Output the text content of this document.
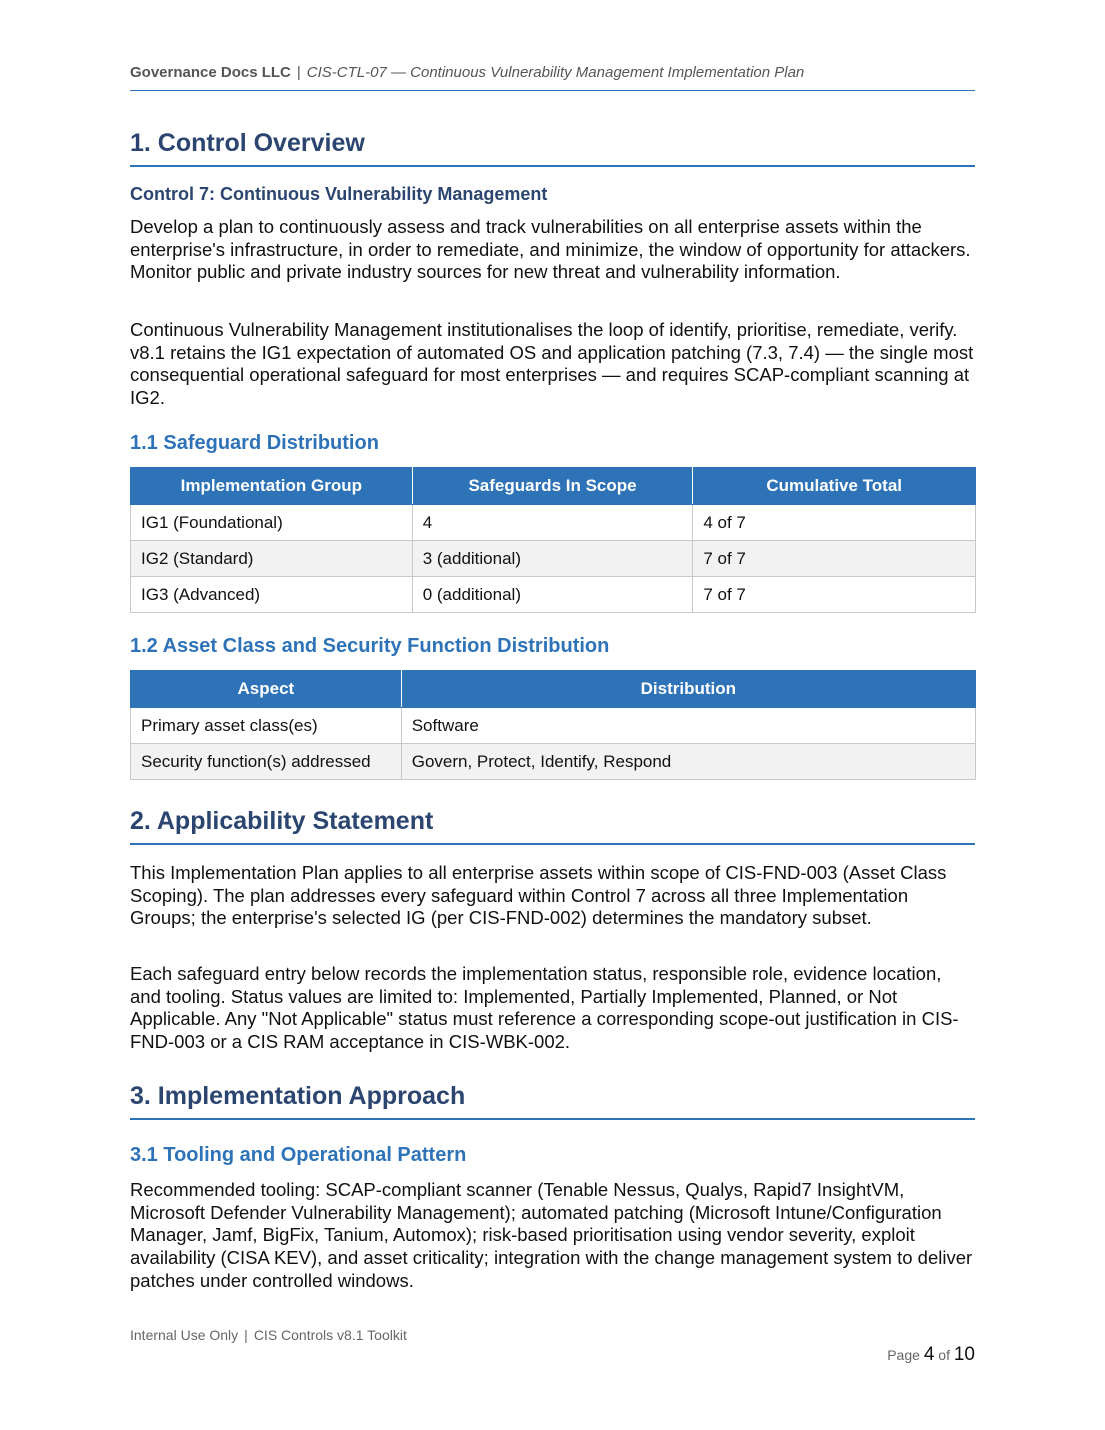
Governance Docs LLC | CIS-CTL-07 — Continuous Vulnerability Management Implementation Plan
1. Control Overview
Control 7: Continuous Vulnerability Management

Develop a plan to continuously assess and track vulnerabilities on all enterprise assets within the enterprise's infrastructure, in order to remediate, and minimize, the window of opportunity for attackers. Monitor public and private industry sources for new threat and vulnerability information.

Continuous Vulnerability Management institutionalises the loop of identify, prioritise, remediate, verify. v8.1 retains the IG1 expectation of automated OS and application patching (7.3, 7.4) — the single most consequential operational safeguard for most enterprises — and requires SCAP-compliant scanning at IG2.

1.1 Safeguard Distribution
Implementation Group	Safeguards In Scope	Cumulative Total
IG1 (Foundational)	4	4 of 7
IG2 (Standard)	3 (additional)	7 of 7
IG3 (Advanced)	0 (additional)	7 of 7
1.2 Asset Class and Security Function Distribution
Aspect	Distribution
Primary asset class(es)	Software
Security function(s) addressed	Govern, Protect, Identify, Respond
2. Applicability Statement

This Implementation Plan applies to all enterprise assets within scope of CIS-FND-003 (Asset Class Scoping). The plan addresses every safeguard within Control 7 across all three Implementation Groups; the enterprise's selected IG (per CIS-FND-002) determines the mandatory subset.

Each safeguard entry below records the implementation status, responsible role, evidence location, and tooling. Status values are limited to: Implemented, Partially Implemented, Planned, or Not Applicable. Any "Not Applicable" status must reference a corresponding scope-out justification in CIS-FND-003 or a CIS RAM acceptance in CIS-WBK-002.

3. Implementation Approach
3.1 Tooling and Operational Pattern

Recommended tooling: SCAP-compliant scanner (Tenable Nessus, Qualys, Rapid7 InsightVM, Microsoft Defender Vulnerability Management); automated patching (Microsoft Intune/Configuration Manager, Jamf, BigFix, Tanium, Automox); risk-based prioritisation using vendor severity, exploit availability (CISA KEV), and asset criticality; integration with the change management system to deliver patches under controlled windows.

Internal Use Only | CIS Controls v8.1 Toolkit
Page 4 of 10
